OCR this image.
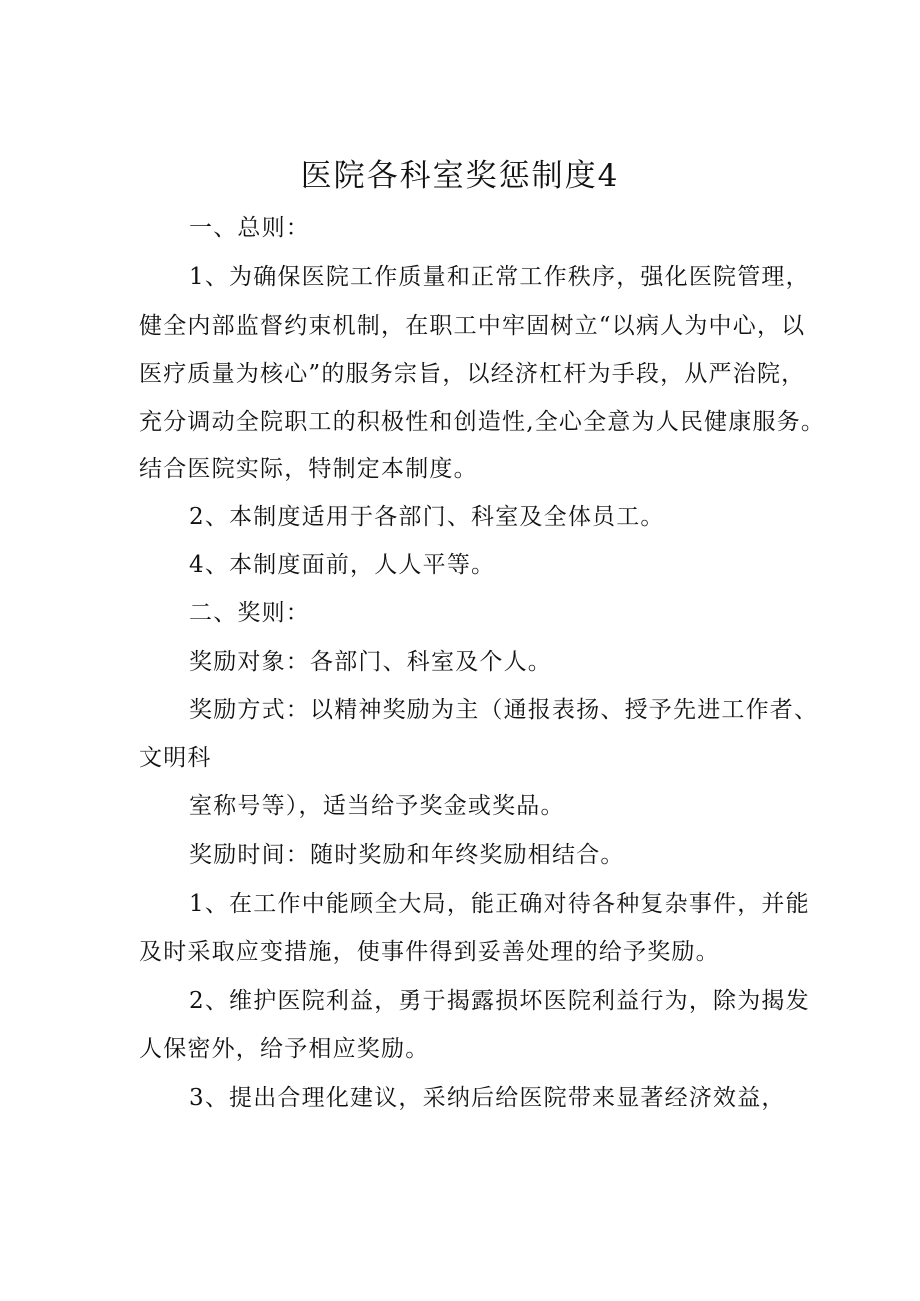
医院各科室奖惩制度4
一、总则：
1、为确保医院工作质量和正常工作秩序，强化医院管理，
健全内部监督约束机制，在职工中牢固树立“以病人为中心，以
医疗质量为核心”的服务宗旨，以经济杠杆为手段，从严治院，
充分调动全院职工的积极性和创造性,全心全意为人民健康服务。
结合医院实际，特制定本制度。
2、本制度适用于各部门、科室及全体员工。
4、本制度面前，人人平等。
二、奖则：
奖励对象：各部门、科室及个人。
奖励方式：以精神奖励为主（通报表扬、授予先进工作者、
文明科
室称号等），适当给予奖金或奖品。
奖励时间：随时奖励和年终奖励相结合。
1、在工作中能顾全大局，能正确对待各种复杂事件，并能
及时采取应变措施，使事件得到妥善处理的给予奖励。
2、维护医院利益，勇于揭露损坏医院利益行为，除为揭发
人保密外，给予相应奖励。
3、提出合理化建议，采纳后给医院带来显著经济效益，
